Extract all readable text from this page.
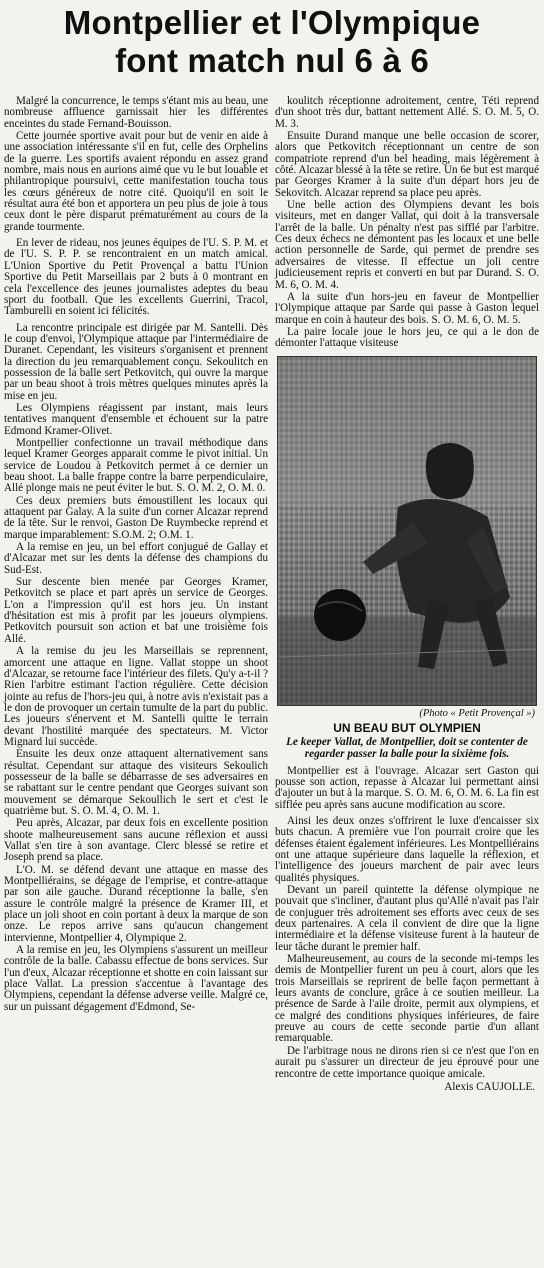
Montpellier et l'Olympique
font match nul 6 à 6

Malgré la concurrence, le temps s'étant mis au beau, une nombreuse affluence garnissait hier les différentes enceintes du stade Fernand-Bouisson.

Cette journée sportive avait pour but de venir en aide à une association intéressante s'il en fut, celle des Orphelins de la guerre. Les sportifs avaient répondu en assez grand nombre, mais nous en aurions aimé que vu le but louable et philantropique poursuivi, cette manifestation toucha tous les cœurs généreux de notre cité. Quoiqu'il en soit le résultat aura été bon et apportera un peu plus de joie à tous ceux dont le père disparut prématurément au cours de la grande tourmente.

En lever de rideau, nos jeunes équipes de l'U. S. P. M. et de l'U. S. P. P. se rencontraient en un match amical. L'Union Sportive du Petit Provençal a battu l'Union Sportive du Petit Marseillais par 2 buts à 0 montrant en cela l'excellence des jeunes journalistes adeptes du beau sport du football. Que les excellents Guerrini, Tracol, Tamburelli en soient ici félicités.

La rencontre principale est dirigée par M. Santelli. Dès le coup d'envoi, l'Olympique attaque par l'intermédiaire de Duranet. Cependant, les visiteurs s'organisent et prennent la direction du jeu remarquablement conçu. Sekoulitch en possession de la balle sert Petkovitch, qui ouvre la marque par un beau shoot à trois mètres quelques minutes après la mise en jeu.

Les Olympiens réagissent par instant, mais leurs tentatives manquent d'ensemble et échouent sur la patre Edmond Kramer-Olivet.

Montpellier confectionne un travail méthodique dans lequel Kramer Georges apparait comme le pivot initial. Un service de Loudou à Petkovitch permet à ce dernier un beau shoot. La balle frappe contre la barre perpendiculaire, Allé plonge mais ne peut éviter le but. S. O. M. 2, O. M. 0.

Ces deux premiers buts émoustillent les locaux qui attaquent par Galay. A la suite d'un corner Alcazar reprend de la tête. Sur le renvoi, Gaston De Ruymbecke reprend et marque imparablement: S.O.M. 2; O.M. 1.

A la remise en jeu, un bel effort conjugué de Gallay et d'Alcazar met sur les dents la défense des champions du Sud-Est.

Sur descente bien menée par Georges Kramer, Petkovitch se place et part après un service de Georges. L'on a l'impression qu'il est hors jeu. Un instant d'hésitation est mis à profit par les joueurs olympiens. Petkovitch poursuit son action et bat une troisième fois Allé.

A la remise du jeu les Marseillais se reprennent, amorcent une attaque en ligne. Vallat stoppe un shoot d'Alcazar, se retourne face l'intérieur des filets. Qu'y a-t-il ? Rien l'arbitre estimant l'action régulière. Cette décision jointe au refus de l'hors-jeu qui, à notre avis n'existait pas a le don de provoquer un certain tumulte de la part du public. Les joueurs s'énervent et M. Santelli quitte le terrain devant l'hostilité marquée des spectateurs. M. Victor Mignard lui succède.

Ensuite les deux onze attaquent alternativement sans résultat. Cependant sur attaque des visiteurs Sekoulich possesseur de la balle se débarrasse de ses adversaires en se rabattant sur le centre pendant que Georges suivant son mouvement se démarque Sekoullich le sert et c'est le quatrième but. S. O. M. 4, O. M. 1.

Peu après, Alcazar, par deux fois en excellente position shoote malheureusement sans aucune réflexion et aussi Vallat s'en tire à son avantage. Clerc blessé se retire et Joseph prend sa place.

L'O. M. se défend devant une attaque en masse des Montpelliérains, se dégage de l'emprise, et contre-attaque par son aile gauche. Durand réceptionne la balle, s'en assure le contrôle malgré la présence de Kramer III, et place un joli shoot en coin portant à deux la marque de son onze. Le repos arrive sans qu'aucun changement intervienne, Montpellier 4, Olympique 2.

A la remise en jeu, les Olympiens s'assurent un meilleur contrôle de la balle. Cabassu effectue de bons services. Sur l'un d'eux, Alcazar réceptionne et shotte en coin laissant sur place Vallat. La pression s'accentue à l'avantage des Olympiens, cependant la défense adverse veille. Malgré ce, sur un puissant dégagement d'Edmond, Se-

koulitch réceptionne adroitement, centre, Téti reprend d'un shoot très dur, battant nettement Allé. S. O. M. 5, O. M. 3.

Ensuite Durand manque une belle occasion de scorer, alors que Petkovitch réceptionnant un centre de son compatriote reprend d'un bel heading, mais légèrement à côté. Alcazar blessé à la tête se retire. Un 6e but est marqué par Georges Kramer à la suite d'un départ hors jeu de Sekovitch. Alcazar reprend sa place peu après.

Une belle action des Olympiens devant les bois visiteurs, met en danger Vallat, qui doit à la transversale l'arrêt de la balle. Un pénalty n'est pas sifflé par l'arbitre. Ces deux échecs ne démontent pas les locaux et une belle action personnelle de Sarde, qui permet de prendre ses adversaires de vitesse. Il effectue un joli centre judicieusement repris et converti en but par Durand. S. O. M. 6, O. M. 4.

A la suite d'un hors-jeu en faveur de Montpellier l'Olympique attaque par Sarde qui passe à Gaston lequel marque en coin à hauteur des bois. S. O. M. 6, O. M. 5.

La paire locale joue le hors jeu, ce qui a le don de démonter l'attaque visiteuse

(Photo « Petit Provençal »)
UN BEAU BUT OLYMPIEN
Le keeper Vallat, de Montpellier, doit se contenter de regarder passer la balle pour la sixième fois.

Montpellier est à l'ouvrage. Alcazar sert Gaston qui pousse son action, repasse à Alcazar lui permettant ainsi d'ajouter un but à la marque. S. O. M. 6, O. M. 6. La fin est sifflée peu après sans aucune modification au score.

Ainsi les deux onzes s'offrirent le luxe d'encaisser six buts chacun. A première vue l'on pourrait croire que les défenses étaient également inférieures. Les Montpelliérains ont une attaque supérieure dans laquelle la réflexion, et l'intelligence des joueurs marchent de pair avec leurs qualités physiques.

Devant un pareil quintette la défense olympique ne pouvait que s'incliner, d'autant plus qu'Allé n'avait pas l'air de conjuguer très adroitement ses efforts avec ceux de ses deux partenaires. A cela il convient de dire que la ligne intermédiaire et la défense visiteuse furent à la hauteur de leur tâche durant le premier half.

Malheureusement, au cours de la seconde mi-temps les demis de Montpellier furent un peu à court, alors que les trois Marseillais se reprirent de belle façon permettant à leurs avants de conclure, grâce à ce soutien meilleur. La présence de Sarde à l'aile droite, permit aux olympiens, et ce malgré des conditions physiques inférieures, de faire preuve au cours de cette seconde partie d'un allant remarquable.

De l'arbitrage nous ne dirons rien si ce n'est que l'on en aurait pu s'assurer un directeur de jeu éprouvé pour une rencontre de cette importance quoique amicale.

Alexis CAUJOLLE.
